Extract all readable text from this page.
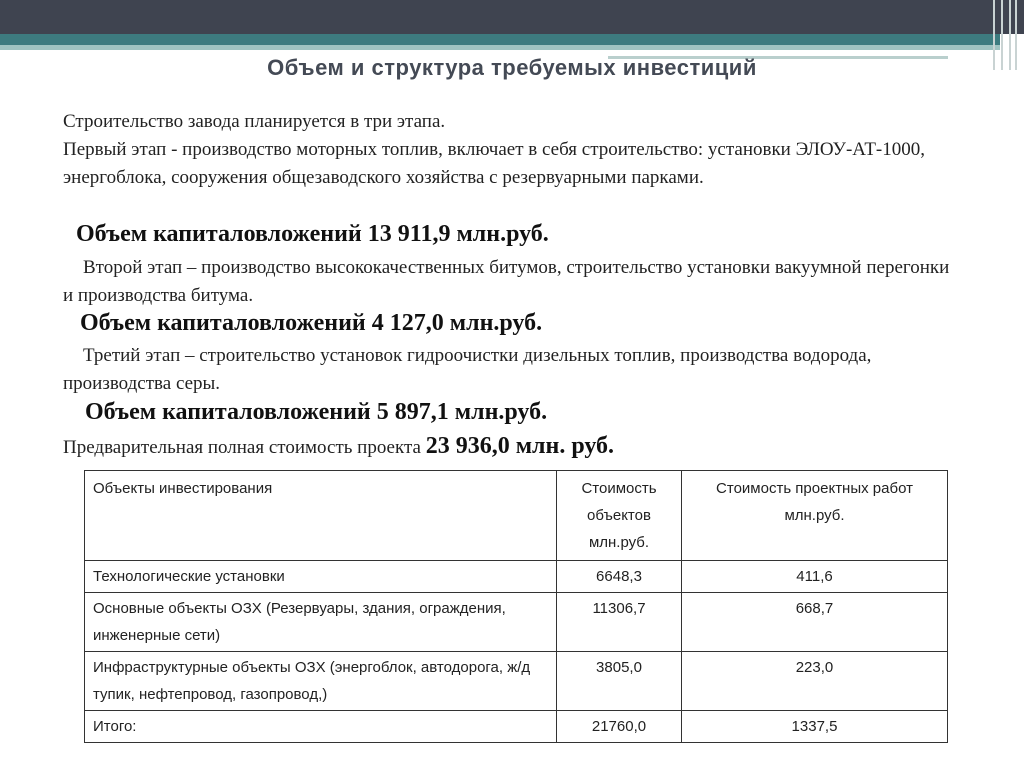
Объем и структура требуемых инвестиций
Строительство завода планируется в три этапа.
Первый этап - производство моторных топлив, включает в себя строительство: установки ЭЛОУ-АТ-1000, энергоблока, сооружения общезаводского хозяйства с резервуарными парками.
Объем капиталовложений 13 911,9 млн.руб.
Второй этап – производство высококачественных битумов, строительство установки вакуумной перегонки и производства битума.
Объем капиталовложений 4 127,0 млн.руб.
Третий этап – строительство установок гидроочистки дизельных топлив, производства водорода, производства серы.
Объем капиталовложений 5 897,1 млн.руб.
Предварительная полная стоимость проекта 23 936,0 млн. руб.
Объекты инвестирования	Стоимость объектов млн.руб.	Стоимость проектных работ млн.руб.
Технологические установки	6648,3	411,6
Основные объекты ОЗХ (Резервуары, здания, ограждения, инженерные сети)	11306,7	668,7
Инфраструктурные объекты ОЗХ (энергоблок, автодорога, ж/д тупик, нефтепровод, газопровод,)	3805,0	223,0
Итого:	21760,0	1337,5
